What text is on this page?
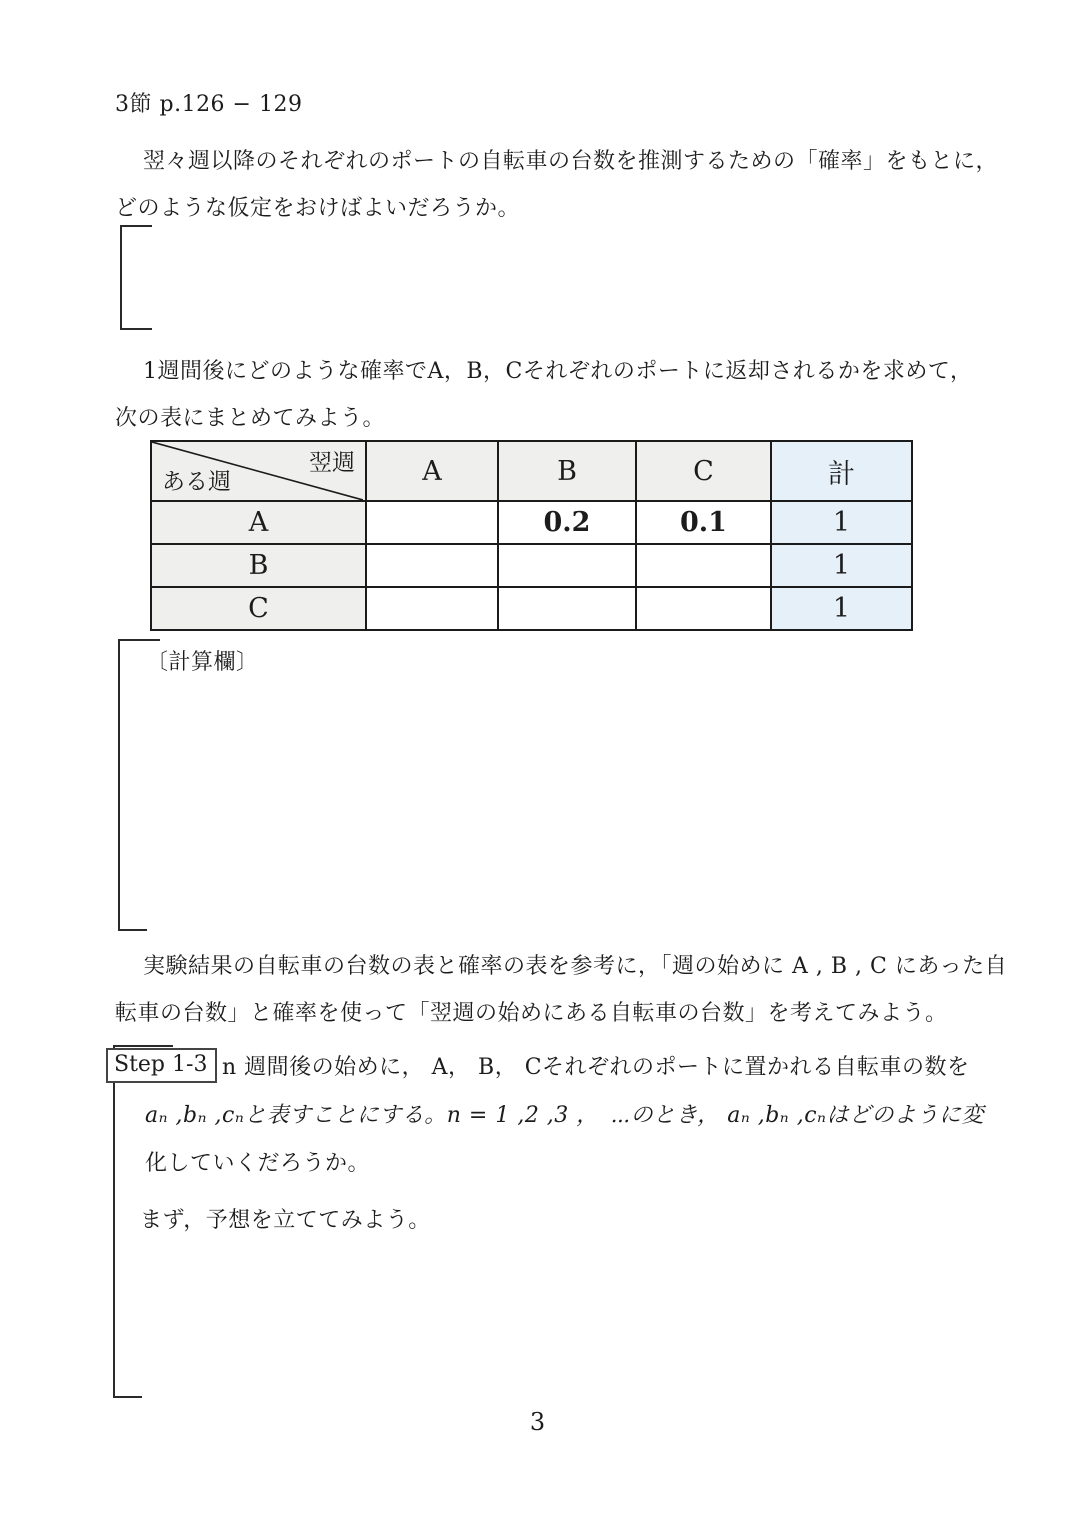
3節 p.126 − 129
翌々週以降のそれぞれのポートの自転車の台数を推測するための「確率」をもとに，
どのような仮定をおけばよいだろうか。
1週間後にどのような確率でA，B，Cそれぞれのポートに返却されるかを求めて，
次の表にまとめてみよう。
翌週
ある週	A	B	C	計
A		0.2	0.1	1
B				1
C				1
〔計算欄〕
実験結果の自転車の台数の表と確率の表を参考に，「週の始めに A , B , C にあった自
転車の台数」と確率を使って「翌週の始めにある自転車の台数」を考えてみよう。
Step 1-3 n 週間後の始めに， A， B， Cそれぞれのポートに置かれる自転車の数を
aₙ ,bₙ ,cₙと表すことにする。n = 1 ,2 ,3 ，　⋯のとき， aₙ ,bₙ ,cₙはどのように変
化していくだろうか。
まず，予想を立ててみよう。
3
